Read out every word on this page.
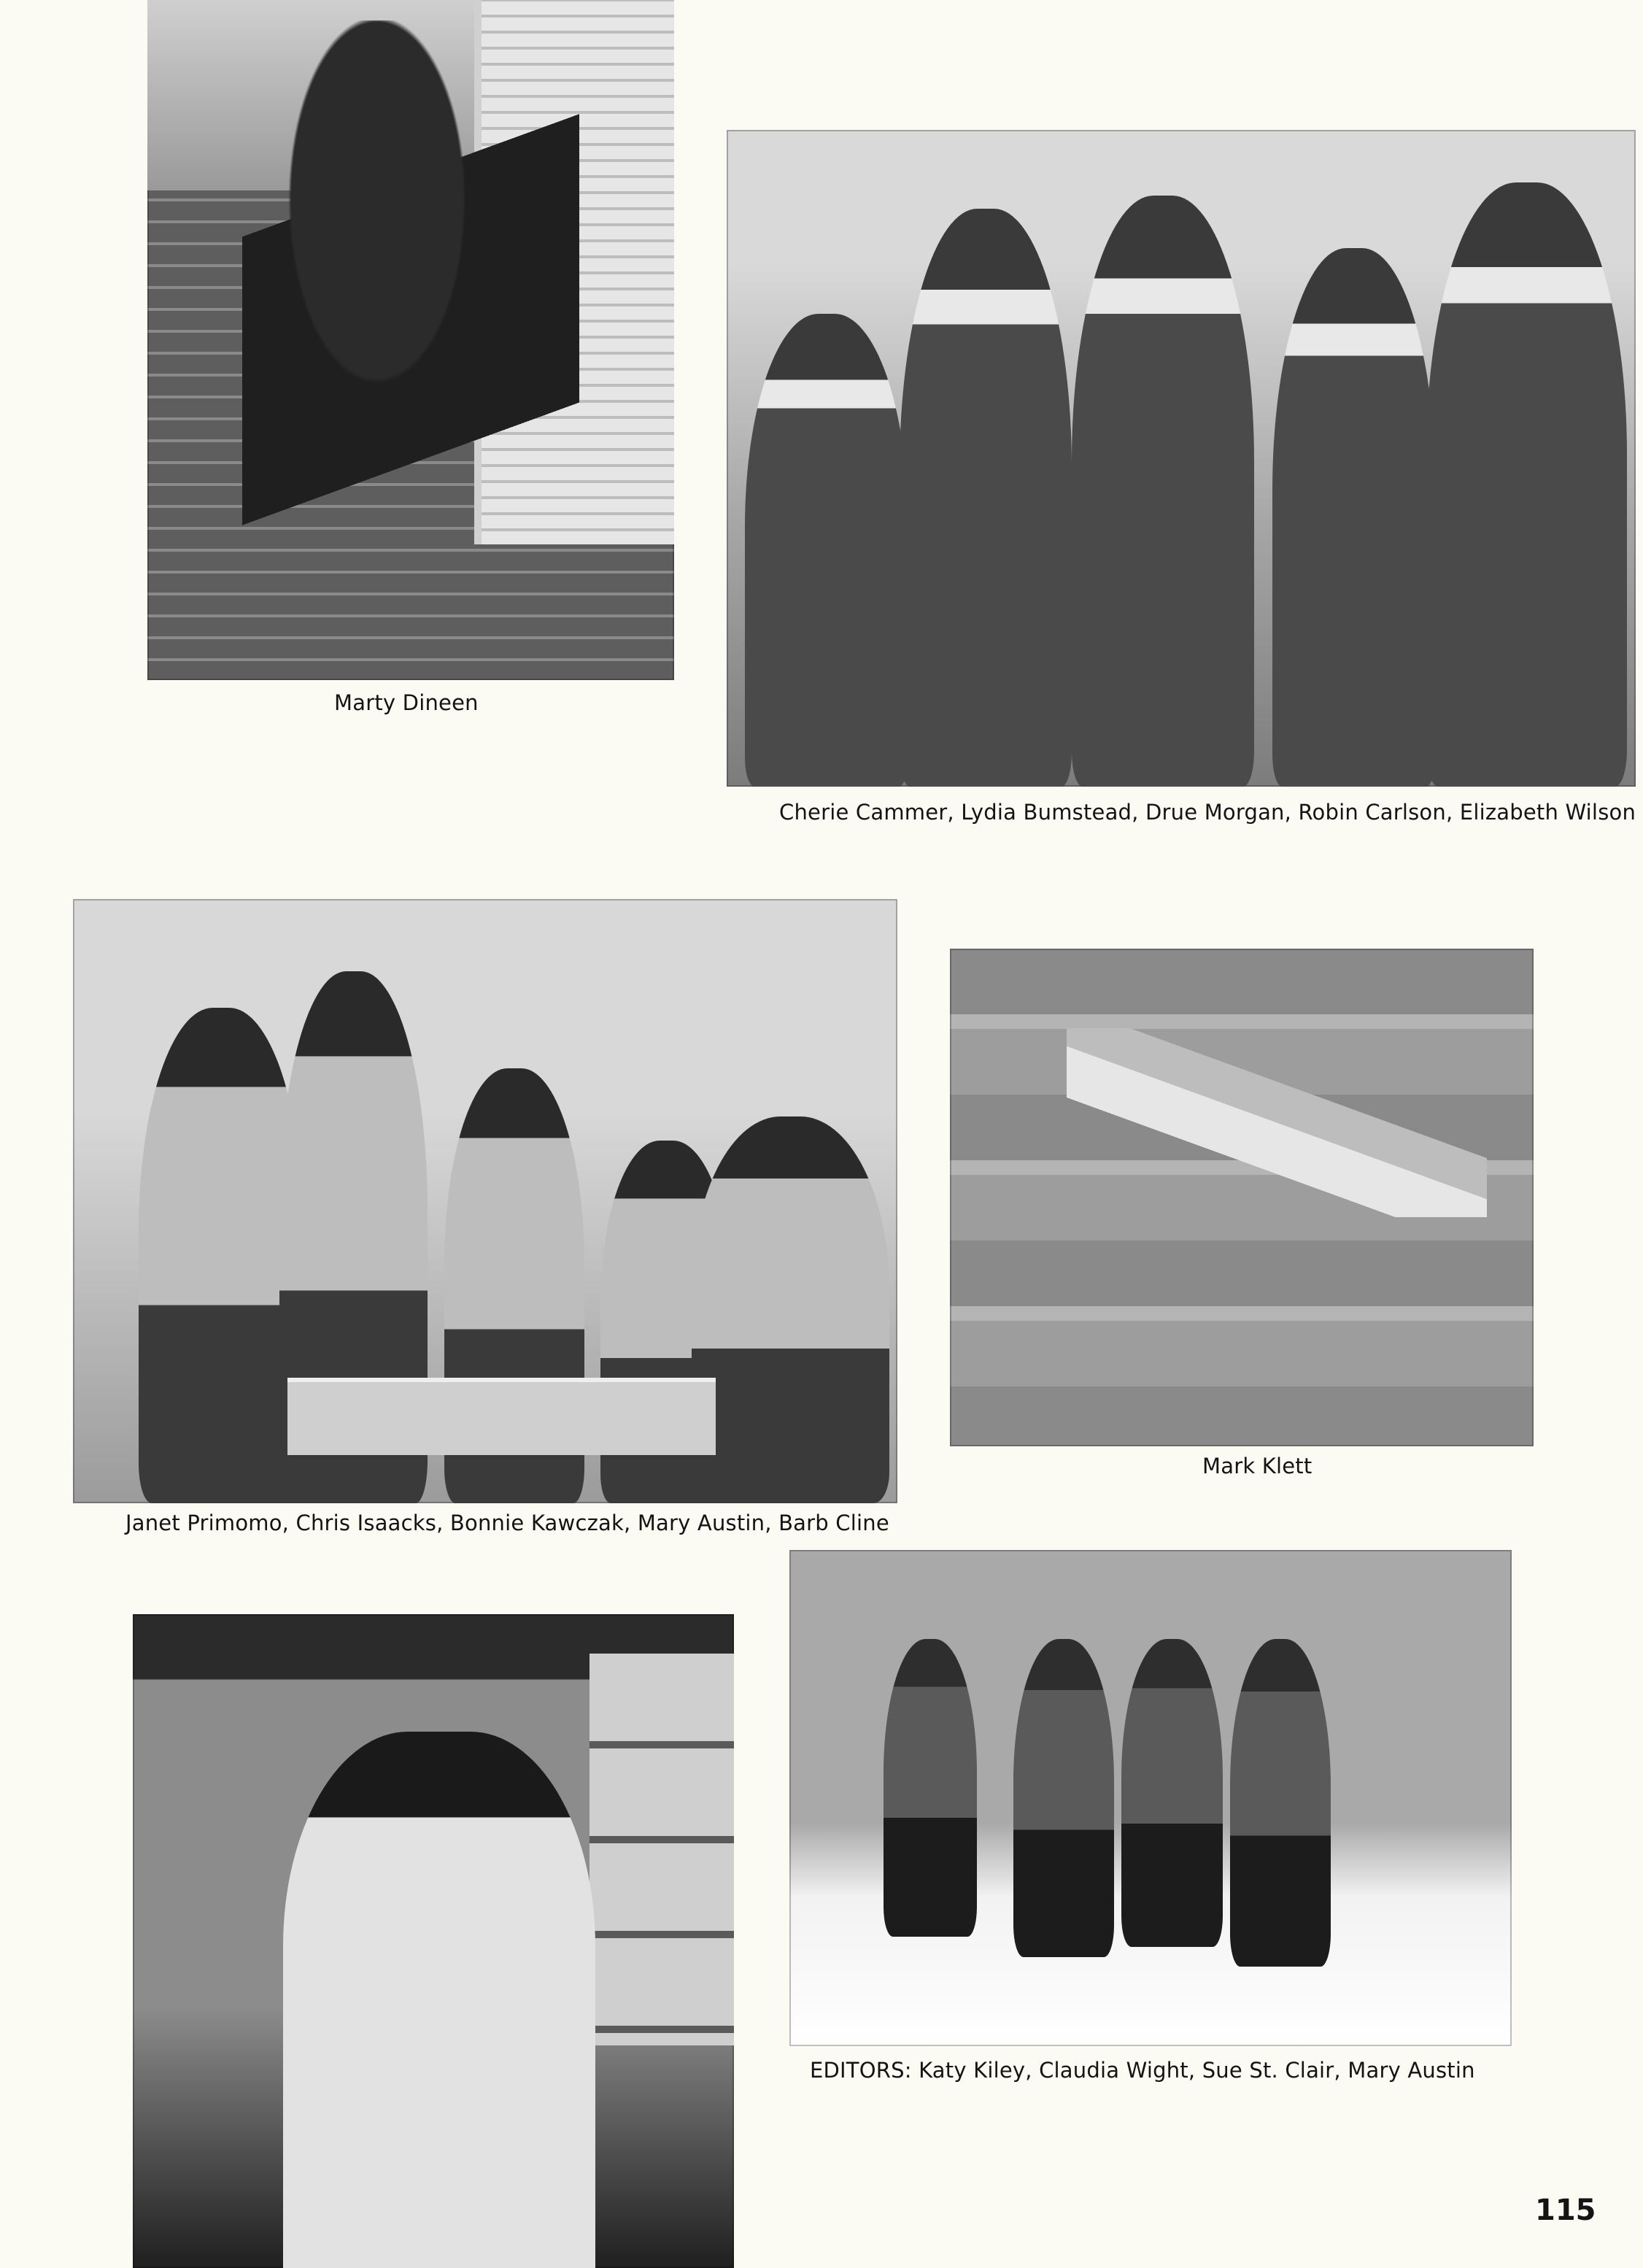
Marty Dineen
Cherie Cammer, Lydia Bumstead, Drue Morgan, Robin Carlson, Elizabeth Wilson
Janet Primomo, Chris Isaacks, Bonnie Kawczak, Mary Austin, Barb Cline
Mark Klett
EDITORS: Katy Kiley, Claudia Wight, Sue St. Clair, Mary Austin
115
